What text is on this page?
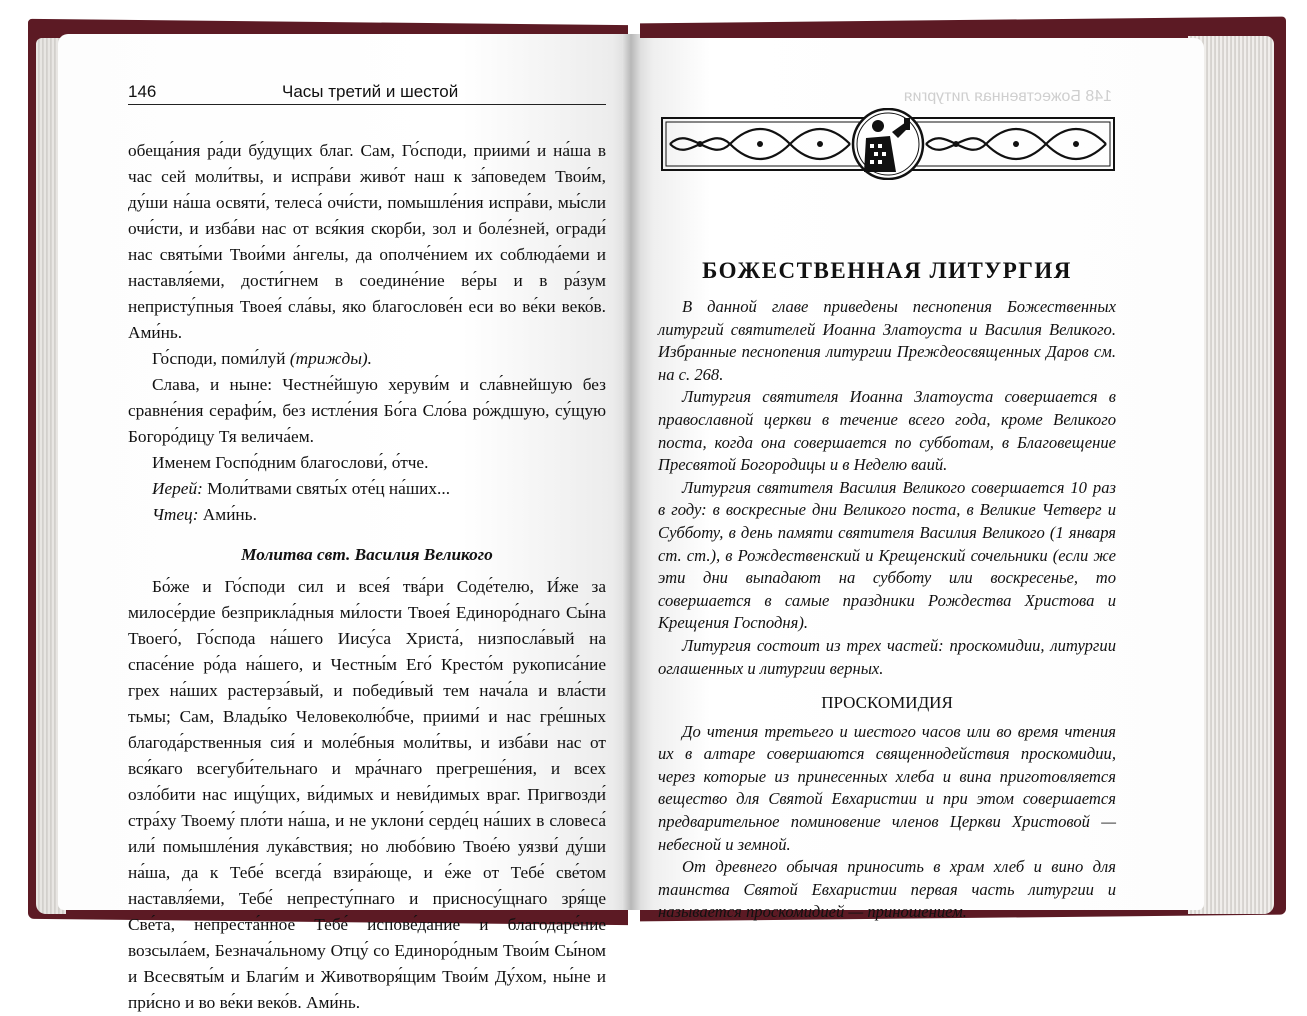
146	Часы третий и шестой

обеща́ния ра́ди бу́дущих благ. Сам, Го́споди, приими́ и на́ша в час сей моли́твы, и испра́ви живо́т наш к за́поведем Твои́м, ду́ши на́ша освяти́, телеса́ очи́сти, помышле́ния испра́ви, мы́сли очи́сти, и изба́ви нас от вся́кия скорби, зол и боле́зней, огради́ нас святы́ми Твои́ми а́нгелы, да ополче́нием их соблюда́еми и наставля́еми, дости́гнем в соедине́ние ве́ры и в ра́зум непристу́пныя Твоея́ сла́вы, яко благослове́н еси во ве́ки веко́в. Ами́нь.

Го́споди, поми́луй (трижды).

Слава, и ныне: Честне́йшую херуви́м и сла́внейшую без сравне́ния серафи́м, без истле́ния Бо́га Сло́ва ро́ждшую, су́щую Богоро́дицу Тя велича́ем.

Именем Госпо́дним благослови́, о́тче.

Иерей: Моли́твами святы́х оте́ц на́ших...

Чтец: Ами́нь.

Молитва свт. Василия Великого

Бо́же и Го́споди сил и всея́ тва́ри Соде́телю, И́же за милосе́рдие безприкла́дныя ми́лости Твоея́ Единоро́днаго Сы́на Твоего́, Го́спода на́шего Иису́са Христа́, низпосла́вый на спасе́ние ро́да на́шего, и Честны́м Его́ Кресто́м рукописа́ние грех на́ших растерза́вый, и победи́вый тем нача́ла и вла́сти тьмы; Сам, Влады́ко Человеколю́бче, приими́ и нас гре́шных благода́рственныя сия́ и моле́бныя моли́твы, и изба́ви нас от вся́каго всегуби́тельнаго и мра́чнаго прегреше́ния, и всех озло́бити нас ищу́щих, ви́димых и неви́димых враг. Пригвозди́ стра́ху Твоему́ пло́ти на́ша, и не уклони́ серде́ц на́ших в словеса́ или́ помышле́ния лука́вствия; но любо́вию Твое́ю уязви́ ду́ши на́ша, да к Тебе́ всегда́ взира́юще, и е́же от Тебе́ све́том наставля́еми, Тебе́ непресту́пнаго и присносу́щнаго зря́ще Све́та, непреста́нное Тебе́ испове́дание и благодаре́ние возсыла́ем, Безнача́льному Отцу́ со Единоро́дным Твои́м Сы́ном и Всесвяты́м и Благи́м и Животворя́щим Твои́м Ду́хом, ны́не и при́сно и во ве́ки веко́в. Ами́нь.

148 Божественная литургия

БОЖЕСТВЕННАЯ ЛИТУРГИЯ

В данной главе приведены песнопения Божественных литургий святителей Иоанна Златоуста и Василия Великого. Избранные песнопения литургии Преждеосвященных Даров см. на с. 268.

Литургия святителя Иоанна Златоуста совершается в православной церкви в течение всего года, кроме Великого поста, когда она совершается по субботам, в Благовещение Пресвятой Богородицы и в Неделю ваий.

Литургия святителя Василия Великого совершается 10 раз в году: в воскресные дни Великого поста, в Великие Четверг и Субботу, в день памяти святителя Василия Великого (1 января ст. ст.), в Рождественский и Крещенский сочельники (если же эти дни выпадают на субботу или воскресенье, то совершается в самые праздники Рождества Христова и Крещения Господня).

Литургия состоит из трех частей: проскомидии, литургии оглашенных и литургии верных.

ПРОСКОМИДИЯ

До чтения третьего и шестого часов или во время чтения их в алтаре совершаются священнодействия проскомидии, через которые из принесенных хлеба и вина приготовляется вещество для Святой Евхаристии и при этом совершается предварительное поминовение членов Церкви Христовой — небесной и земной.

От древнего обычая приносить в храм хлеб и вино для таинства Святой Евхаристии первая часть литургии и называется проскомидией — приношением.
